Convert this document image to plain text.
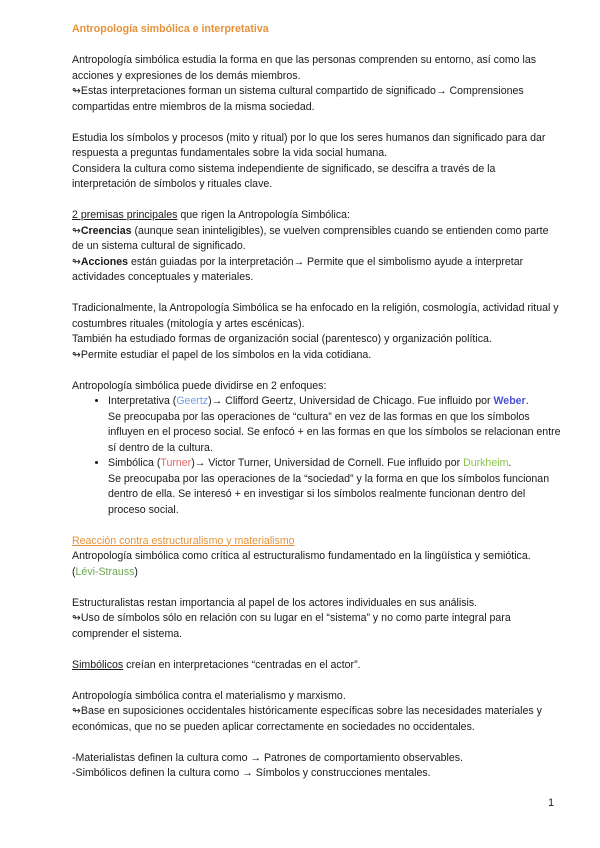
Antropología simbólica e interpretativa

Antropología simbólica estudia la forma en que las personas comprenden su entorno, así como las acciones y expresiones de los demás miembros.

↬Estas interpretaciones forman un sistema cultural compartido de significado→ Comprensiones compartidas entre miembros de la misma sociedad.

Estudia los símbolos y procesos (mito y ritual) por lo que los seres humanos dan significado para dar respuesta a preguntas fundamentales sobre la vida social humana.

Considera la cultura como sistema independiente de significado, se descifra a través de la interpretación de símbolos y rituales clave.

2 premisas principales que rigen la Antropología Simbólica:

↬Creencias (aunque sean ininteligibles), se vuelven comprensibles cuando se entienden como parte de un sistema cultural de significado.

↬Acciones están guiadas por la interpretación→ Permite que el simbolismo ayude a interpretar actividades conceptuales y materiales.

Tradicionalmente, la Antropología Simbólica se ha enfocado en la religión, cosmología, actividad ritual y costumbres rituales (mitología y artes escénicas).

También ha estudiado formas de organización social (parentesco) y organización política.

↬Permite estudiar el papel de los símbolos en la vida cotidiana.

Antropología simbólica puede dividirse en 2 enfoques:

• Interpretativa (Geertz)→ Clifford Geertz, Universidad de Chicago. Fue influido por Weber.
Se preocupaba por las operaciones de “cultura” en vez de las formas en que los símbolos influyen en el proceso social. Se enfocó + en las formas en que los símbolos se relacionan entre sí dentro de la cultura.
• Simbólica (Turner)→ Victor Turner, Universidad de Cornell. Fue influido por Durkheim.
Se preocupaba por las operaciones de la “sociedad” y la forma en que los símbolos funcionan dentro de ella. Se interesó + en investigar si los símbolos realmente funcionan dentro del proceso social.

Reacción contra estructuralismo y materialismo

Antropología simbólica como crítica al estructuralismo fundamentado en la lingüística y semiótica.
(Lévi-Strauss)

Estructuralistas restan importancia al papel de los actores individuales en sus análisis.

↬Uso de símbolos sólo en relación con su lugar en el “sistema” y no como parte integral para comprender el sistema.

Simbólicos creían en interpretaciones “centradas en el actor”.

Antropología simbólica contra el materialismo y marxismo.

↬Base en suposiciones occidentales históricamente específicas sobre las necesidades materiales y económicas, que no se pueden aplicar correctamente en sociedades no occidentales.

-Materialistas definen la cultura como → Patrones de comportamiento observables.

-Simbólicos definen la cultura como → Símbolos y construcciones mentales.

1
